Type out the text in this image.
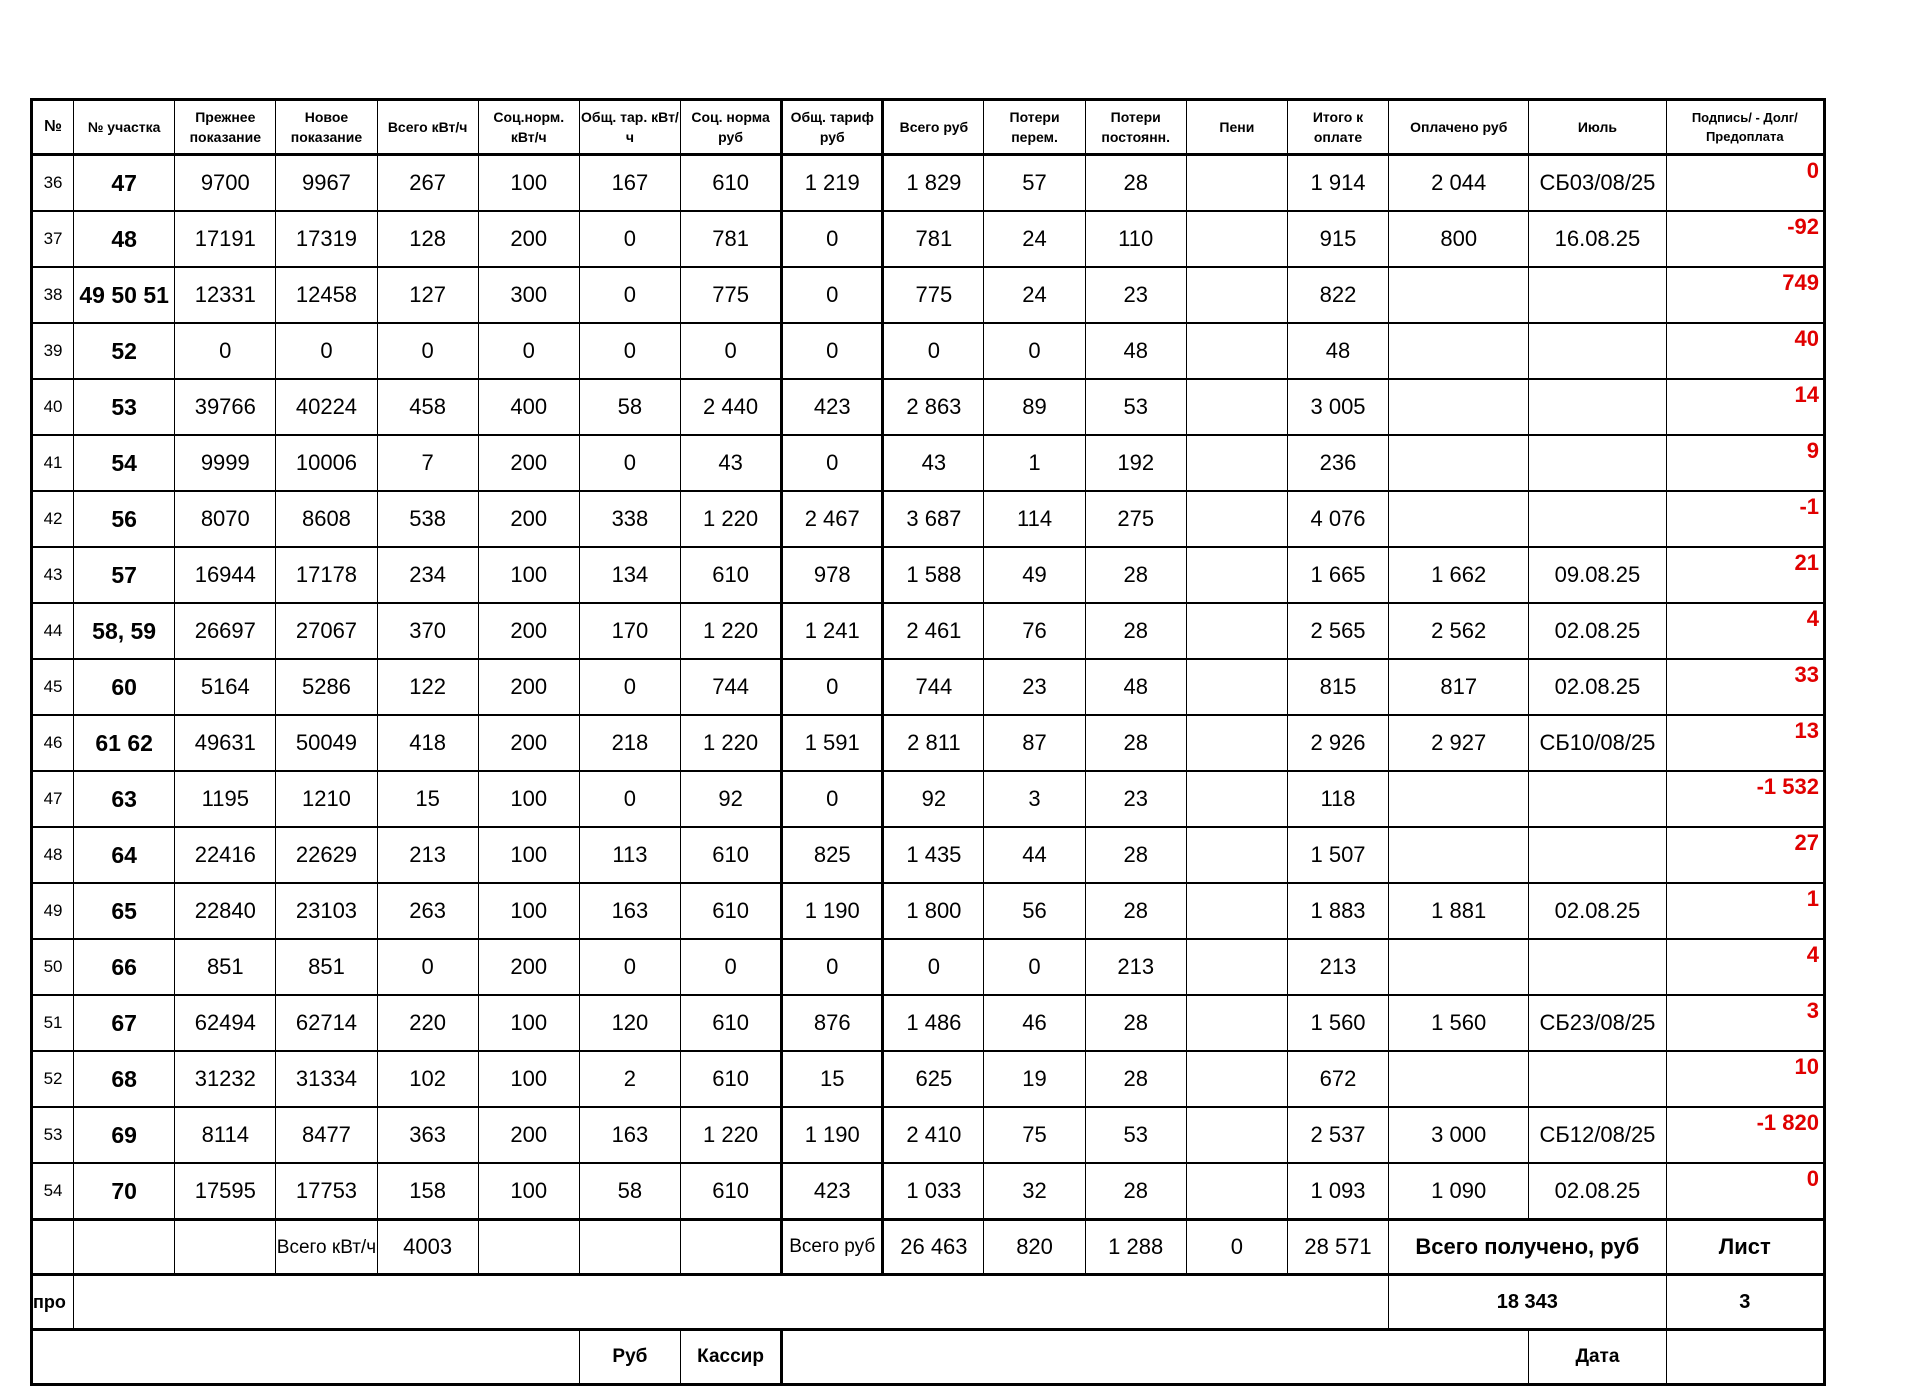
№	№ участка	Прежнее показание	Новое показание	Всего кВт/ч	Соц.норм. кВт/ч	Общ. тар. кВт/ч	Соц. норма руб	Общ. тариф руб	Всего руб	Потери перем.	Потери постоянн.	Пени	Итого к оплате	Оплачено руб	Июль	Подпись/ - Долг/Предоплата
36	47	9700	9967	267	100	167	610	1 219	1 829	57	28		1 914	2 044	СБ03/08/25	0
37	48	17191	17319	128	200	0	781	0	781	24	110		915	800	16.08.25	-92
38	49 50 51	12331	12458	127	300	0	775	0	775	24	23		822			749
39	52	0	0	0	0	0	0	0	0	0	48		48			40
40	53	39766	40224	458	400	58	2 440	423	2 863	89	53		3 005			14
41	54	9999	10006	7	200	0	43	0	43	1	192		236			9
42	56	8070	8608	538	200	338	1 220	2 467	3 687	114	275		4 076			-1
43	57	16944	17178	234	100	134	610	978	1 588	49	28		1 665	1 662	09.08.25	21
44	58, 59	26697	27067	370	200	170	1 220	1 241	2 461	76	28		2 565	2 562	02.08.25	4
45	60	5164	5286	122	200	0	744	0	744	23	48		815	817	02.08.25	33
46	61 62	49631	50049	418	200	218	1 220	1 591	2 811	87	28		2 926	2 927	СБ10/08/25	13
47	63	1195	1210	15	100	0	92	0	92	3	23		118			-1 532
48	64	22416	22629	213	100	113	610	825	1 435	44	28		1 507			27
49	65	22840	23103	263	100	163	610	1 190	1 800	56	28		1 883	1 881	02.08.25	1
50	66	851	851	0	200	0	0	0	0	0	213		213			4
51	67	62494	62714	220	100	120	610	876	1 486	46	28		1 560	1 560	СБ23/08/25	3
52	68	31232	31334	102	100	2	610	15	625	19	28		672			10
53	69	8114	8477	363	200	163	1 220	1 190	2 410	75	53		2 537	3 000	СБ12/08/25	-1 820
54	70	17595	17753	158	100	58	610	423	1 033	32	28		1 093	1 090	02.08.25	0
			Всего кВт/ч	4003				Всего руб	26 463	820	1 288	0	28 571	Всего получено, руб		Лист
про														18 343		3
						Руб	Кассир								Дата	
